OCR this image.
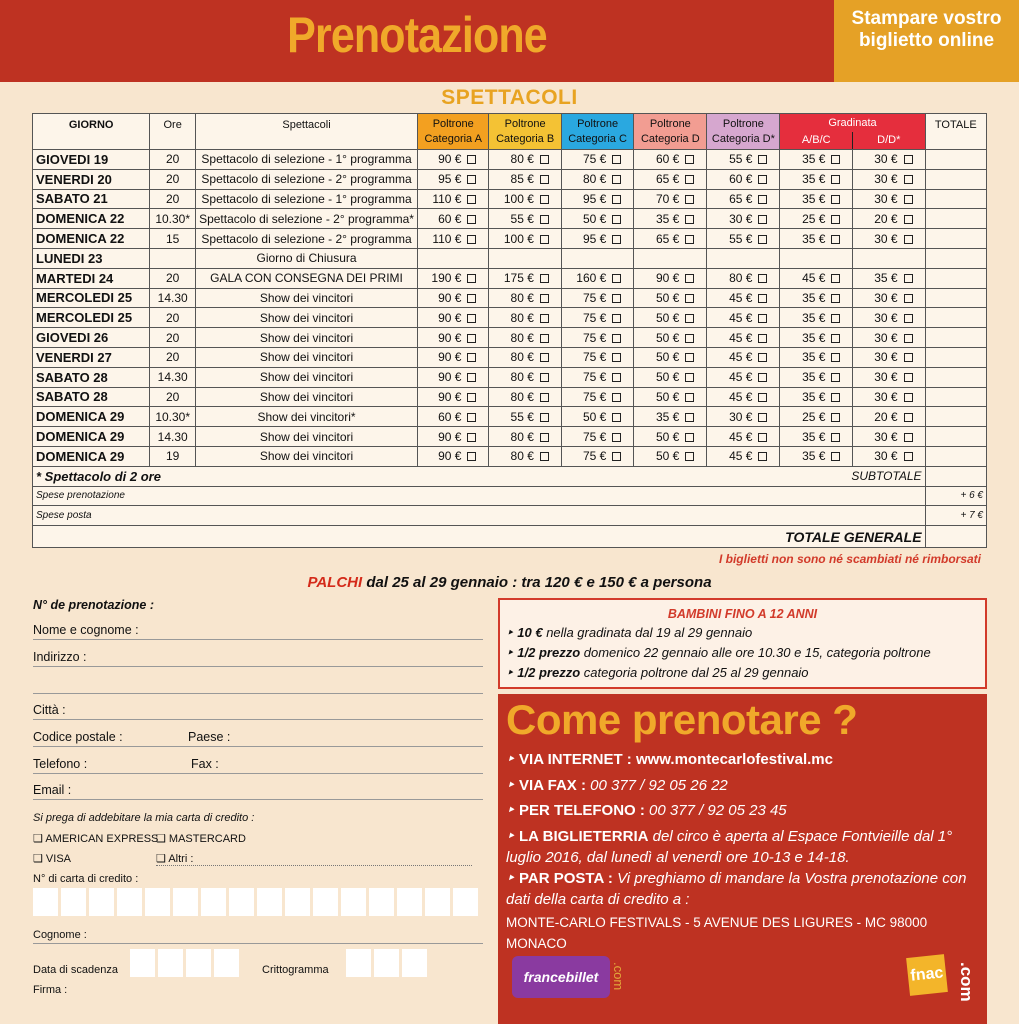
Prenotazione	Stampare vostro biglietto online
SPETTACOLI
GIORNO	Ore	Spettacoli	Poltrone Categoria A	Poltrone Categoria B	Poltrone Categoria C	Poltrone Categoria D	Poltrone Categoria D*	Gradinata
A/B/C D/D*		TOTALE
GIOVEDI 19	20	Spettacolo di selezione - 1° programma	90 €	80 €	75 €	60 €	55 €	35 €	30 €	
VENERDI 20	20	Spettacolo di selezione - 2° programma	95 €	85 €	80 €	65 €	60 €	35 €	30 €	
SABATO 21	20	Spettacolo di selezione - 1° programma	110 €	100 €	95 €	70 €	65 €	35 €	30 €	
DOMENICA 22	10.30*	Spettacolo di selezione - 2° programma*	60 €	55 €	50 €	35 €	30 €	25 €	20 €	
DOMENICA 22	15	Spettacolo di selezione - 2° programma	110 €	100 €	95 €	65 €	55 €	35 €	30 €	
LUNEDI 23		Giorno di Chiusura								
MARTEDI 24	20	GALA CON CONSEGNA DEI PRIMI	190 €	175 €	160 €	90 €	80 €	45 €	35 €	
MERCOLEDI 25	14.30	Show dei vincitori	90 €	80 €	75 €	50 €	45 €	35 €	30 €	
MERCOLEDI 25	20	Show dei vincitori	90 €	80 €	75 €	50 €	45 €	35 €	30 €	
GIOVEDI 26	20	Show dei vincitori	90 €	80 €	75 €	50 €	45 €	35 €	30 €	
VENERDI 27	20	Show dei vincitori	90 €	80 €	75 €	50 €	45 €	35 €	30 €	
SABATO 28	14.30	Show dei vincitori	90 €	80 €	75 €	50 €	45 €	35 €	30 €	
SABATO 28	20	Show dei vincitori	90 €	80 €	75 €	50 €	45 €	35 €	30 €	
DOMENICA 29	10.30*	Show dei vincitori*	60 €	55 €	50 €	35 €	30 €	25 €	20 €	
DOMENICA 29	14.30	Show dei vincitori	90 €	80 €	75 €	50 €	45 €	35 €	30 €	
DOMENICA 29	19	Show dei vincitori	90 €	80 €	75 €	50 €	45 €	35 €	30 €	
* Spettacolo di 2 ore SUBTOTALE										

Spese prenotazione										+ 6 €
Spese posta										+ 7 €
TOTALE GENERALE										
I biglietti non sono né scambiati né rimborsati
PALCHI dal 25 al 29 gennaio : tra 120 € e 150 € a persona
N° de prenotazione :
Nome e cognome :
Indirizzo :
Città :
Codice postale :	Paese :
Telefono :	Fax :
Email :
Si prega di addebitare la mia carta di credito :
❑ AMERICAN EXPRESS
❑ MASTERCARD
❑ VISA	❑ Altri :
N° di carta di credito :
Cognome :
Data di scadenza	Crittogramma
Firma :
BAMBINI FINO A 12 ANNI

‣ 10 € nella gradinata dal 19 al 29 gennaio

‣ 1/2 prezzo domenico 22 gennaio alle ore 10.30 e 15, categoria poltrone

‣ 1/2 prezzo categoria poltrone dal 25 al 29 gennaio

Come prenotare ?
‣ VIA INTERNET : www.montecarlofestival.mc
‣ VIA FAX : 00 377 / 92 05 26 22
‣ PER TELEFONO : 00 377 / 92 05 23 45
‣ LA BIGLIETERRIA del circo è aperta al Espace Fontvieille dal 1° luglio 2016, dal lunedì al venerdì ore 10-13 e 14-18.
‣ PAR POSTA : Vi preghiamo di mandare la Vostra prenotazione con dati della carta di credito a :
MONTE-CARLO FESTIVALS - 5 AVENUE DES LIGURES - MC 98000 MONACO
francebillet .com	fnac .com
